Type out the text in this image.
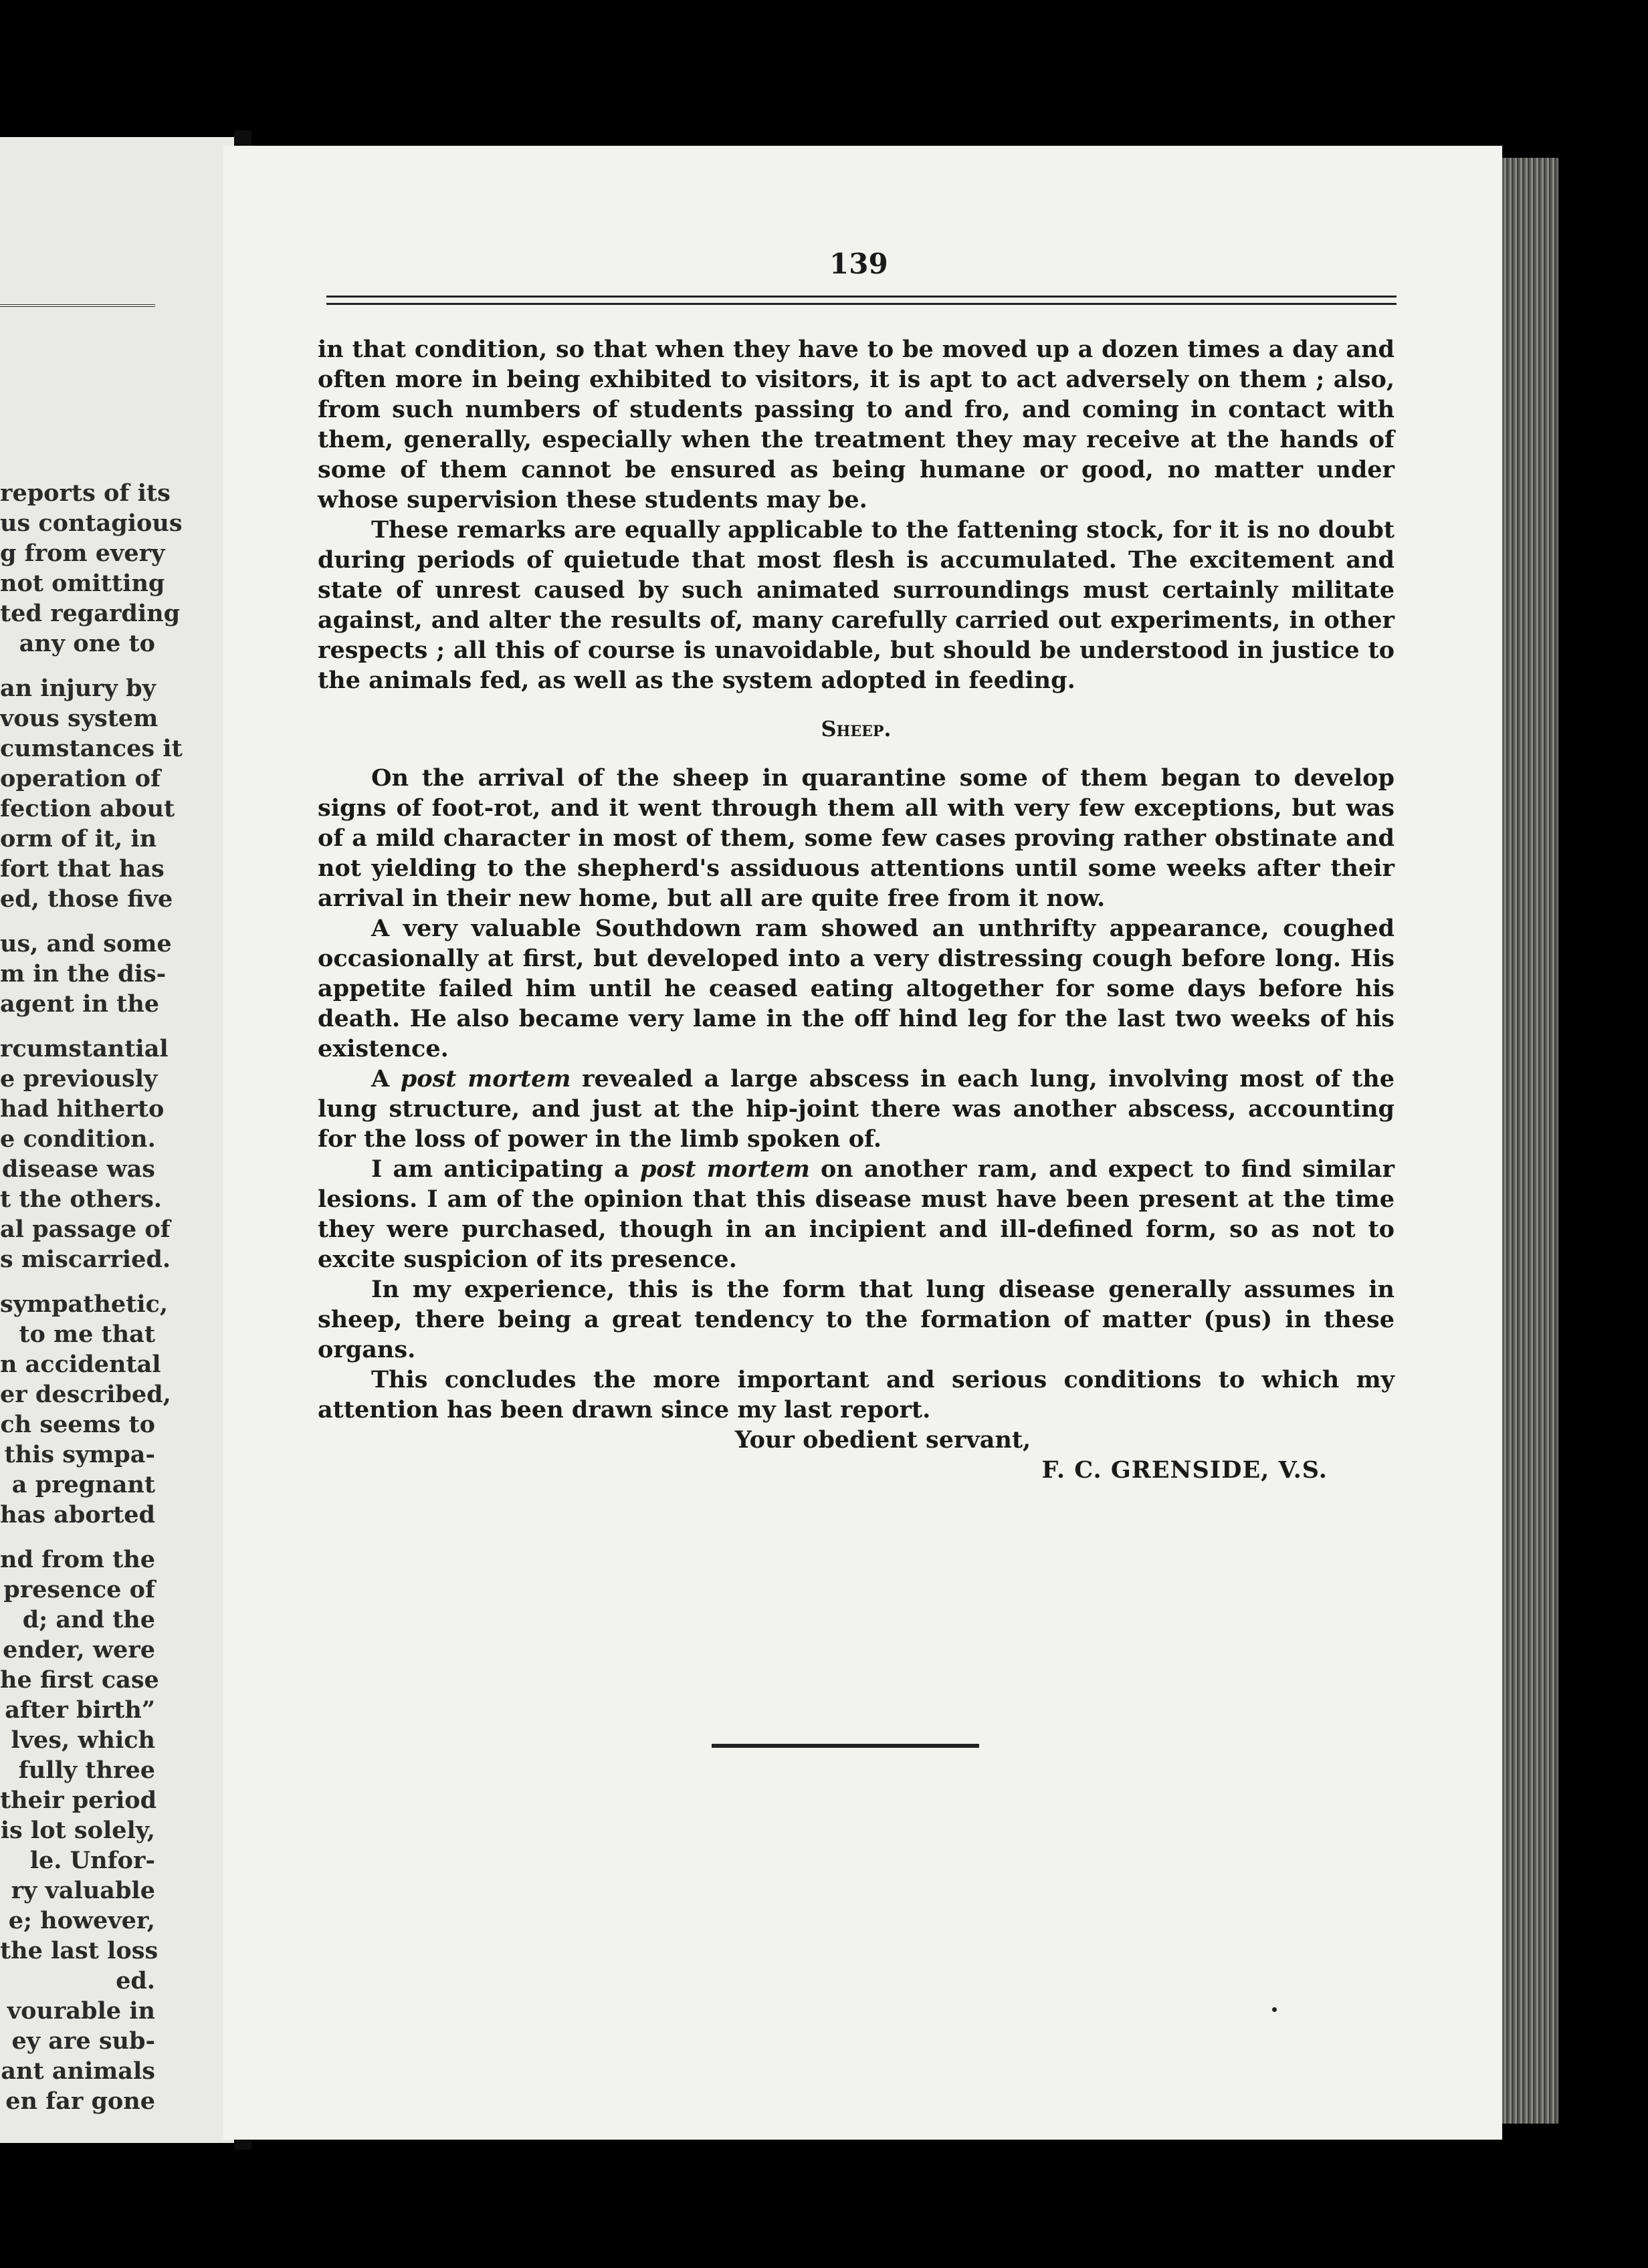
reports of its
us contagious
g from every
not omitting
ted regarding
any one to
an injury by
vous system
cumstances it
operation of
fection about
orm of it, in
fort that has
ed, those five
us, and some
m in the dis-
agent in the
rcumstantial
e previously
had hitherto
e condition.
disease was
t the others.
al passage of
s miscarried.
sympathetic,
to me that
n accidental
er described,
ch seems to
this sympa-
a pregnant
has aborted
nd from the
presence of
d; and the
ender, were
he first case
after birth”
lves, which
fully three
their period
is lot solely,
le. Unfor-
ry valuable
e; however,
the last loss
ed.
vourable in
ey are sub-
ant animals
en far gone
139

in that condition, so that when they have to be moved up a dozen times a day and often more in being exhibited to visitors, it is apt to act adversely on them ; also, from such numbers of students passing to and fro, and coming in contact with them, generally, especially when the treatment they may receive at the hands of some of them cannot be ensured as being humane or good, no matter under whose supervision these students may be.

These remarks are equally applicable to the fattening stock, for it is no doubt during periods of quietude that most flesh is accumulated. The excitement and state of unrest caused by such animated surroundings must certainly militate against, and alter the results of, many carefully carried out experiments, in other respects ; all this of course is unavoidable, but should be understood in justice to the animals fed, as well as the system adopted in feeding.

Sheep.

On the arrival of the sheep in quarantine some of them began to develop signs of foot-rot, and it went through them all with very few exceptions, but was of a mild character in most of them, some few cases proving rather obstinate and not yielding to the shepherd's assiduous attentions until some weeks after their arrival in their new home, but all are quite free from it now.

A very valuable Southdown ram showed an unthrifty appearance, coughed occasionally at first, but developed into a very distressing cough before long. His appetite failed him until he ceased eating altogether for some days before his death. He also became very lame in the off hind leg for the last two weeks of his existence.

A post mortem revealed a large abscess in each lung, involving most of the lung structure, and just at the hip-joint there was another abscess, accounting for the loss of power in the limb spoken of.

I am anticipating a post mortem on another ram, and expect to find similar lesions. I am of the opinion that this disease must have been present at the time they were purchased, though in an incipient and ill-defined form, so as not to excite suspicion of its presence.

In my experience, this is the form that lung disease generally assumes in sheep, there being a great tendency to the formation of matter (pus) in these organs.

This concludes the more important and serious conditions to which my attention has been drawn since my last report.

Your obedient servant,

F. C. GRENSIDE, V.S.
